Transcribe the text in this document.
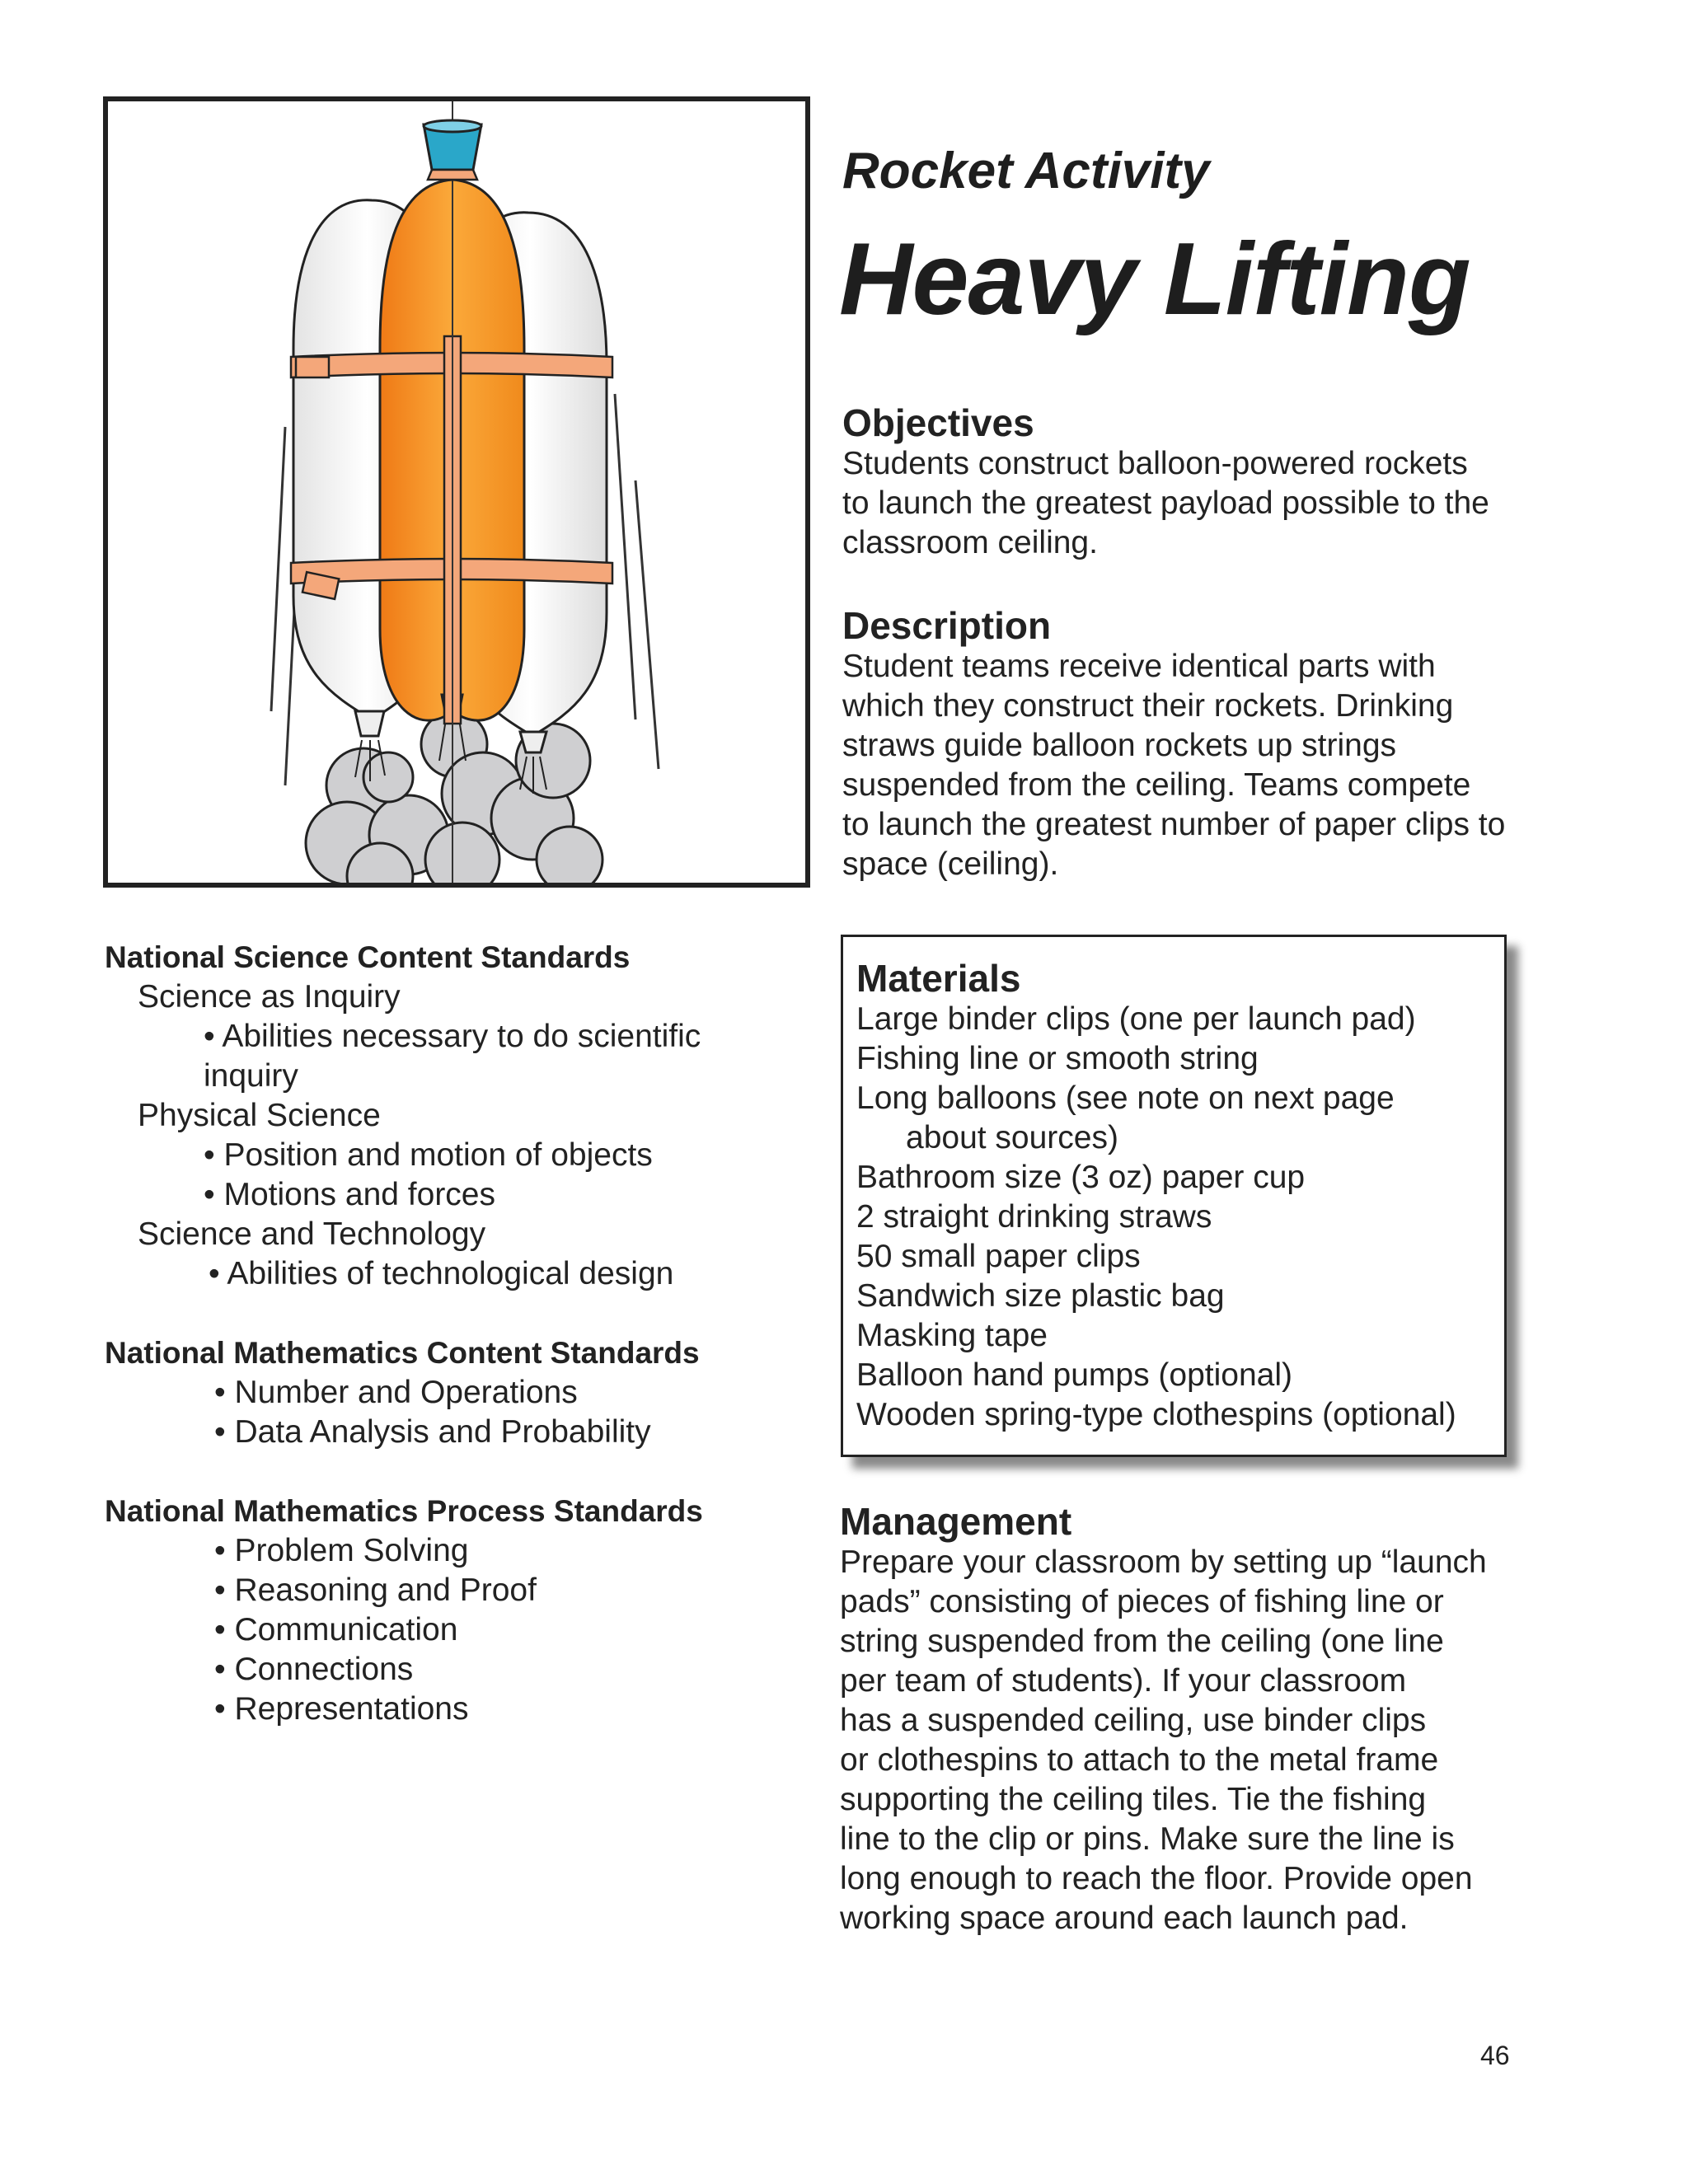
Rocket Activity
Heavy Lifting
Objectives
Students construct balloon-powered rockets
to launch the greatest payload possible to the
classroom ceiling.
Description
Student teams receive identical parts with
which they construct their rockets. Drinking
straws guide balloon rockets up strings
suspended from the ceiling. Teams compete
to launch the greatest number of paper clips to
space (ceiling).
National Science Content Standards
Science as Inquiry
• Abilities necessary to do scientific
inquiry
Physical Science
• Position and motion of objects
• Motions and forces
Science and Technology
• Abilities of technological design
National Mathematics Content Standards
• Number and Operations
• Data Analysis and Probability
National Mathematics Process Standards
• Problem Solving
• Reasoning and Proof
• Communication
• Connections
• Representations
Materials
Large binder clips (one per launch pad)
Fishing line or smooth string
Long balloons (see note on next page
about sources)
Bathroom size (3 oz) paper cup
2 straight drinking straws
50 small paper clips
Sandwich size plastic bag
Masking tape
Balloon hand pumps (optional)
Wooden spring-type clothespins (optional)
Management
Prepare your classroom by setting up “launch
pads” consisting of pieces of fishing line or
string suspended from the ceiling (one line
per team of students). If your classroom
has a suspended ceiling, use binder clips
or clothespins to attach to the metal frame
supporting the ceiling tiles. Tie the fishing
line to the clip or pins. Make sure the line is
long enough to reach the floor. Provide open
working space around each launch pad.
46
